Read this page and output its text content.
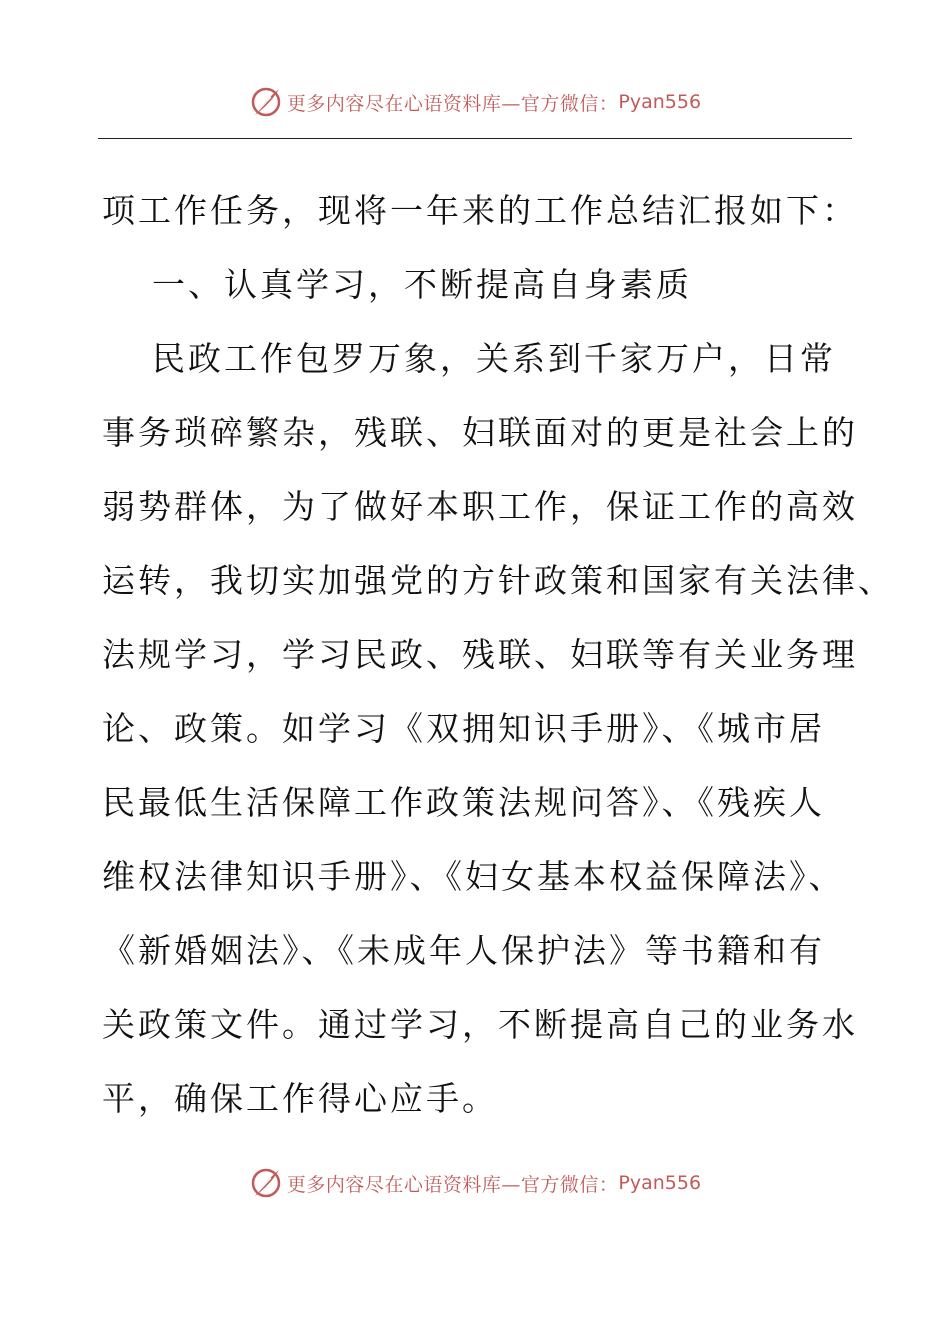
更多内容尽在心语资料库—官方微信： Pyan556

项工作任务，现将一年来的工作总结汇报如下：

一、认真学习，不断提高自身素质

民政工作包罗万象，关系到千家万户，日常

事务琐碎繁杂，残联、妇联面对的更是社会上的

弱势群体，为了做好本职工作，保证工作的高效

运转，我切实加强党的方针政策和国家有关法律、

法规学习，学习民政、残联、妇联等有关业务理

论、政策。如学习《双拥知识手册》、《城市居

民最低生活保障工作政策法规问答》、《残疾人

维权法律知识手册》、《妇女基本权益保障法》、

《新婚姻法》、《未成年人保护法》等书籍和有

关政策文件。通过学习，不断提高自己的业务水

平，确保工作得心应手。

更多内容尽在心语资料库—官方微信： Pyan556
